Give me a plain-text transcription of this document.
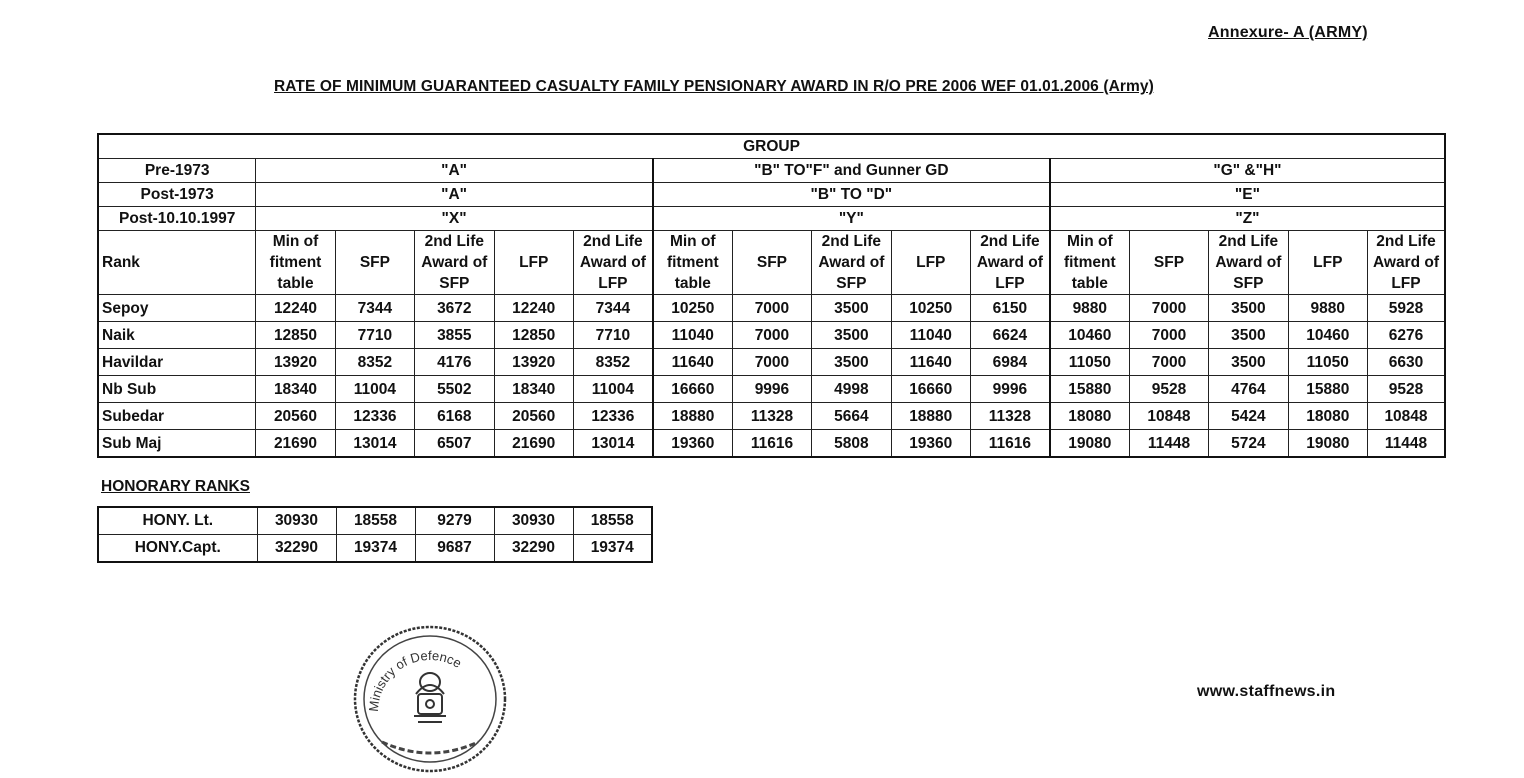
Annexure- A (ARMY)
RATE OF MINIMUM GUARANTEED CASUALTY FAMILY PENSIONARY AWARD IN R/O PRE 2006 WEF 01.01.2006 (Army)
GROUP															
Pre-1973	"A"					"B" TO"F" and Gunner GD					"G" &"H"				
Post-1973	"A"					"B" TO "D"					"E"				
Post-10.10.1997	"X"					"Y"					"Z"				
Rank	Min of fitment table	SFP	2nd Life Award of SFP	LFP	2nd Life Award of LFP	Min of fitment table	SFP	2nd Life Award of SFP	LFP	2nd Life Award of LFP	Min of fitment table	SFP	2nd Life Award of SFP	LFP	2nd Life Award of LFP
Sepoy	12240	7344	3672	12240	7344	10250	7000	3500	10250	6150	9880	7000	3500	9880	5928
Naik	12850	7710	3855	12850	7710	11040	7000	3500	11040	6624	10460	7000	3500	10460	6276
Havildar	13920	8352	4176	13920	8352	11640	7000	3500	11640	6984	11050	7000	3500	11050	6630
Nb Sub	18340	11004	5502	18340	11004	16660	9996	4998	16660	9996	15880	9528	4764	15880	9528
Subedar	20560	12336	6168	20560	12336	18880	11328	5664	18880	11328	18080	10848	5424	18080	10848
Sub Maj	21690	13014	6507	21690	13014	19360	11616	5808	19360	11616	19080	11448	5724	19080	11448
HONORARY RANKS
HONY. Lt.	30930	18558	9279	30930	18558
HONY.Capt.	32290	19374	9687	32290	19374
Ministry of Defence
www.staffnews.in
